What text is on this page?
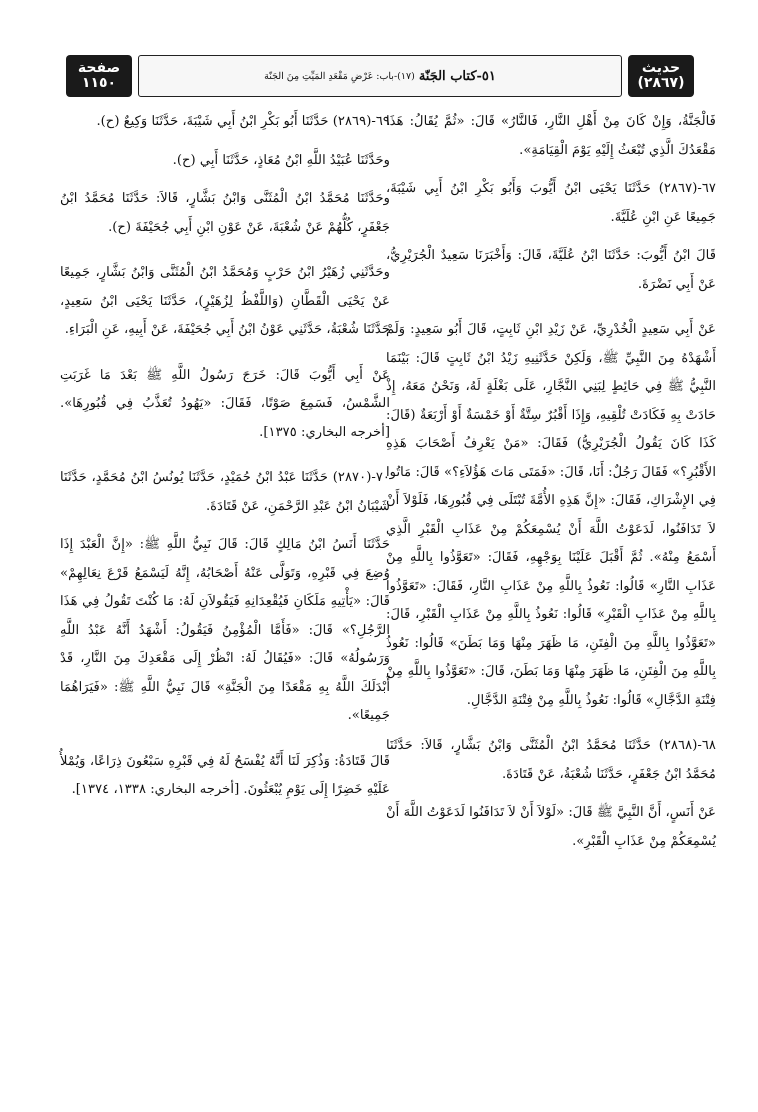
حديث
(٢٨٦٧)
٥١-كتاب الجَنّة
(١٧)-باب: عَرْضِ مَقْعَدِ المَيِّتِ مِنَ الجَنّة
صفحة
١١٥٠

فَالْجَنَّةُ، وَإِنْ كَانَ مِنْ أَهْلِ النَّارِ، فَالنَّارُ» قَالَ: «ثُمَّ يُقَالُ: هَذَا مَقْعَدُكَ الَّذِي تُبْعَثُ إِلَيْهِ يَوْمَ الْقِيَامَةِ».

٦٧-(٢٨٦٧) حَدَّثَنَا يَحْيَى ابْنُ أَيُّوبَ وَأَبُو بَكْرِ ابْنُ أَبِي شَيْبَةَ، جَمِيعًا عَنِ ابْنِ عُلَيَّةَ.

قَالَ ابْنُ أَيُّوبَ: حَدَّثَنَا ابْنُ عُلَيَّةَ، قَالَ: وَأَخْبَرَنَا سَعِيدٌ الْجُرَيْرِيُّ، عَنْ أَبِي نَضْرَةَ.

عَنْ أَبِي سَعِيدٍ الْخُدْرِيِّ، عَنْ زَيْدِ ابْنِ ثَابِتٍ، قَالَ أَبُو سَعِيدٍ: وَلَمْ أَشْهَدْهُ مِنَ النَّبِيِّ ﷺ، وَلَكِنْ حَدَّثَنِيهِ زَيْدُ ابْنُ ثَابِتٍ قَالَ: بَيْنَمَا النَّبِيُّ ﷺ فِي حَائِطٍ لِبَنِي النَّجَّارِ، عَلَى بَغْلَةٍ لَهُ، وَنَحْنُ مَعَهُ، إِذْ حَادَتْ بِهِ فَكَادَتْ تُلْقِيهِ، وَإِذَا أَقْبُرٌ سِتَّةٌ أَوْ خَمْسَةٌ أَوْ أَرْبَعَةٌ (قَالَ: كَذَا كَانَ يَقُولُ الْجُرَيْرِيُّ) فَقَالَ: «مَنْ يَعْرِفُ أَصْحَابَ هَذِهِ الأَقْبُرِ؟» فَقَالَ رَجُلٌ: أَنَا، قَالَ: «فَمَتَى مَاتَ هَؤُلاَءِ؟» قَالَ: مَاتُوا فِي الإِشْرَاكِ، فَقَالَ: «إِنَّ هَذِهِ الأُمَّةَ تُبْتَلَى فِي قُبُورِهَا، فَلَوْلاَ أَنْ لاَ تَدَافَنُوا، لَدَعَوْتُ اللَّهَ أَنْ يُسْمِعَكُمْ مِنْ عَذَابِ الْقَبْرِ الَّذِي أَسْمَعُ مِنْهُ». ثُمَّ أَقْبَلَ عَلَيْنَا بِوَجْهِهِ، فَقَالَ: «تَعَوَّذُوا بِاللَّهِ مِنْ عَذَابِ النَّارِ» قَالُوا: نَعُوذُ بِاللَّهِ مِنْ عَذَابِ النَّارِ، فَقَالَ: «تَعَوَّذُوا بِاللَّهِ مِنْ عَذَابِ الْقَبْرِ» قَالُوا: نَعُوذُ بِاللَّهِ مِنْ عَذَابِ الْقَبْرِ، قَالَ: «تَعَوَّذُوا بِاللَّهِ مِنَ الْفِتَنِ، مَا ظَهَرَ مِنْهَا وَمَا بَطَنَ» قَالُوا: نَعُوذُ بِاللَّهِ مِنَ الْفِتَنِ، مَا ظَهَرَ مِنْهَا وَمَا بَطَنَ، قَالَ: «تَعَوَّذُوا بِاللَّهِ مِنْ فِتْنَةِ الدَّجَّالِ» قَالُوا: نَعُوذُ بِاللَّهِ مِنْ فِتْنَةِ الدَّجَّالِ.

٦٨-(٢٨٦٨) حَدَّثَنَا مُحَمَّدُ ابْنُ الْمُثَنَّى وَابْنُ بَشَّارٍ، قَالاَ: حَدَّثَنَا مُحَمَّدُ ابْنُ جَعْفَرٍ، حَدَّثَنَا شُعْبَةُ، عَنْ قَتَادَةَ.

عَنْ أَنَسٍ، أَنَّ النَّبِيَّ ﷺ قَالَ: «لَوْلاَ أَنْ لاَ تَدَافَنُوا لَدَعَوْتُ اللَّهَ أَنْ يُسْمِعَكُمْ مِنْ عَذَابِ الْقَبْرِ».

٦٩-(٢٨٦٩) حَدَّثَنَا أَبُو بَكْرِ ابْنُ أَبِي شَيْبَةَ، حَدَّثَنَا وَكِيعٌ (ح).

وحَدَّثَنَا عُبَيْدُ اللَّهِ ابْنُ مُعَاذٍ، حَدَّثَنَا أَبِي (ح).

وحَدَّثَنَا مُحَمَّدُ ابْنُ الْمُثَنَّى وَابْنُ بَشَّارٍ، قَالاَ: حَدَّثَنَا مُحَمَّدُ ابْنُ جَعْفَرٍ، كُلُّهُمْ عَنْ شُعْبَةَ، عَنْ عَوْنِ ابْنِ أَبِي جُحَيْفَةَ (ح).

وحَدَّثَنِي زُهَيْرُ ابْنُ حَرْبٍ وَمُحَمَّدُ ابْنُ الْمُثَنَّى وَابْنُ بَشَّارٍ، جَمِيعًا عَنْ يَحْيَى الْقَطَّانِ (وَاللَّفْظُ لِزُهَيْرٍ)، حَدَّثَنَا يَحْيَى ابْنُ سَعِيدٍ، حَدَّثَنَا شُعْبَةُ، حَدَّثَنِي عَوْنُ ابْنُ أَبِي جُحَيْفَةَ، عَنْ أَبِيهِ، عَنِ الْبَرَاءِ.

عَنْ أَبِي أَيُّوبَ قَالَ: خَرَجَ رَسُولُ اللَّهِ ﷺ بَعْدَ مَا غَرَبَتِ الشَّمْسُ، فَسَمِعَ صَوْتًا، فَقَالَ: «يَهُودُ تُعَذَّبُ فِي قُبُورِهَا». [أخرجه البخاري: ١٣٧٥].

٧٠-(٢٨٧٠) حَدَّثَنَا عَبْدُ ابْنُ حُمَيْدٍ، حَدَّثَنَا يُونُسُ ابْنُ مُحَمَّدٍ، حَدَّثَنَا شَيْبَانُ ابْنُ عَبْدِ الرَّحْمَنِ، عَنْ قَتَادَةَ.

حَدَّثَنَا أَنَسُ ابْنُ مَالِكٍ قَالَ: قَالَ نَبِيُّ اللَّهِ ﷺ: «إِنَّ الْعَبْدَ إِذَا وُضِعَ فِي قَبْرِهِ، وَتَوَلَّى عَنْهُ أَصْحَابُهُ، إِنَّهُ لَيَسْمَعُ قَرْعَ نِعَالِهِمْ» قَالَ: «يَأْتِيهِ مَلَكَانِ فَيُقْعِدَانِهِ فَيَقُولاَنِ لَهُ: مَا كُنْتَ تَقُولُ فِي هَذَا الرَّجُلِ؟» قَالَ: «فَأَمَّا الْمُؤْمِنُ فَيَقُولُ: أَشْهَدُ أَنَّهُ عَبْدُ اللَّهِ وَرَسُولُهُ» قَالَ: «فَيُقَالُ لَهُ: انْظُرْ إِلَى مَقْعَدِكَ مِنَ النَّارِ، قَدْ أَبْدَلَكَ اللَّهُ بِهِ مَقْعَدًا مِنَ الْجَنَّةِ» قَالَ نَبِيُّ اللَّهِ ﷺ: «فَيَرَاهُمَا جَمِيعًا».

قَالَ قَتَادَةُ: وَذُكِرَ لَنَا أَنَّهُ يُفْسَحُ لَهُ فِي قَبْرِهِ سَبْعُونَ ذِرَاعًا، وَيُمْلأُ عَلَيْهِ خَضِرًا إِلَى يَوْمِ يُبْعَثُونَ. [أخرجه البخاري: ١٣٣٨، ١٣٧٤].
